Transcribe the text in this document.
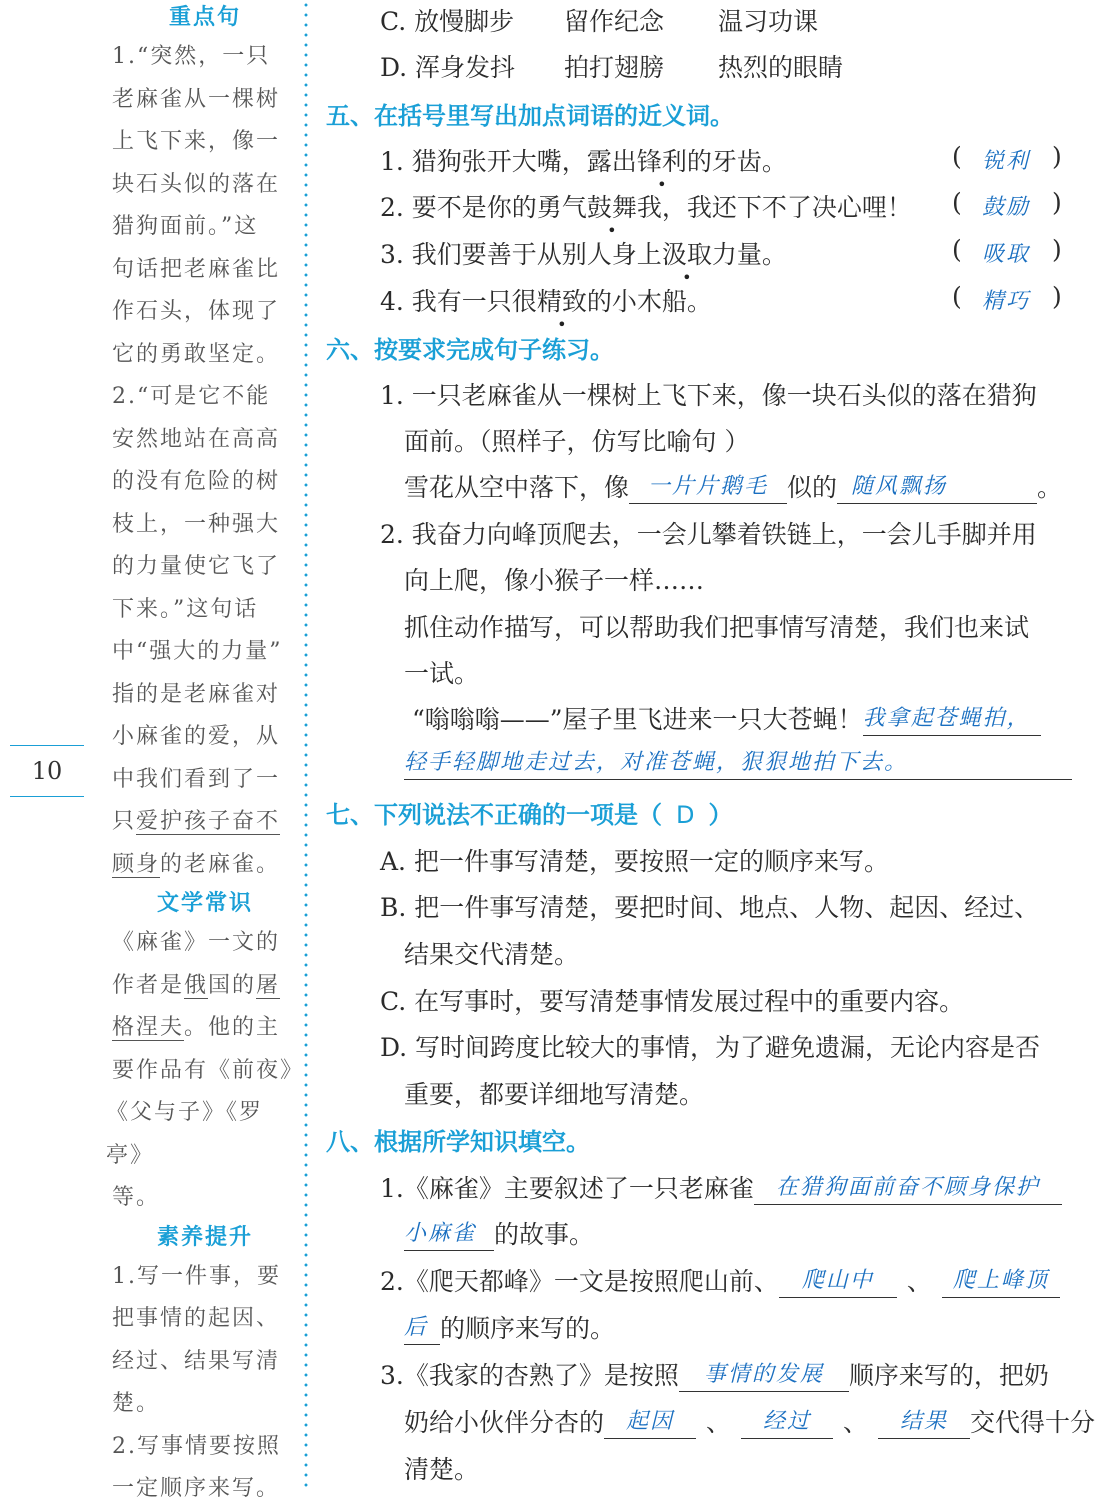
重点句
1.“突然，一只
老麻雀从一棵树
上飞下来，像一
块石头似的落在
猎狗面前。”这
句话把老麻雀比
作石头，体现了
它的勇敢坚定。
2.“可是它不能
安然地站在高高
的没有危险的树
枝上，一种强大
的力量使它飞了
下来。”这句话
中“强大的力量”
指的是老麻雀对
小麻雀的爱，从
中我们看到了一
只爱护孩子奋不
顾身的老麻雀。
文学常识
《麻雀》一文的
作者是俄国的屠
格涅夫。他的主
要作品有《前夜》
《父与子》《罗亭》
等。
素养提升
1.写一件事，要
把事情的起因、
经过、结果写清
楚。
2.写事情要按照
一定顺序来写。
10
C. 放慢脚步 留作纪念 温习功课
D. 浑身发抖 拍打翅膀 热烈的眼睛
五、在括号里写出加点词语的近义词。
1. 猎狗张开大嘴，露出锋利的牙齿。	( 锐利 )
2. 要不是你的勇气鼓舞我，我还下不了决心哩！ ( 鼓励 )
3. 我们要善于从别人身上汲取力量。	( 吸取 )
4. 我有一只很精致的小木船。	( 精巧 )
六、按要求完成句子练习。
1. 一只老麻雀从一棵树上飞下来，像一块石头似的落在猎狗
面前。（照样子，仿写比喻句 ）
雪花从空中落下，像 一片片鹅毛 似的 随风飘扬	。
2. 我奋力向峰顶爬去，一会儿攀着铁链上，一会儿手脚并用
向上爬，像小猴子一样……
抓住动作描写，可以帮助我们把事情写清楚，我们也来试
一试。
“嗡嗡嗡——”屋子里飞进来一只大苍蝇！我拿起苍蝇拍，
轻手轻脚地走过去，对准苍蝇，狠狠地拍下去。
七、下列说法不正确的一项是（ D ）
A. 把一件事写清楚，要按照一定的顺序来写。
B. 把一件事写清楚，要把时间、地点、人物、起因、经过、
结果交代清楚。
C. 在写事时，要写清楚事情发展过程中的重要内容。
D. 写时间跨度比较大的事情，为了避免遗漏，无论内容是否
重要，都要详细地写清楚。
八、根据所学知识填空。
1.《麻雀》主要叙述了一只老麻雀 在猎狗面前奋不顾身保护
小麻雀 的故事。
2.《爬天都峰》一文是按照爬山前、 爬山中 、 爬上峰顶
后 的顺序来写的。
3.《我家的杏熟了》是按照 事情的发展 顺序来写的，把奶
奶给小伙伴分杏的 起因 、 经过 、 结果 交代得十分
清楚。
